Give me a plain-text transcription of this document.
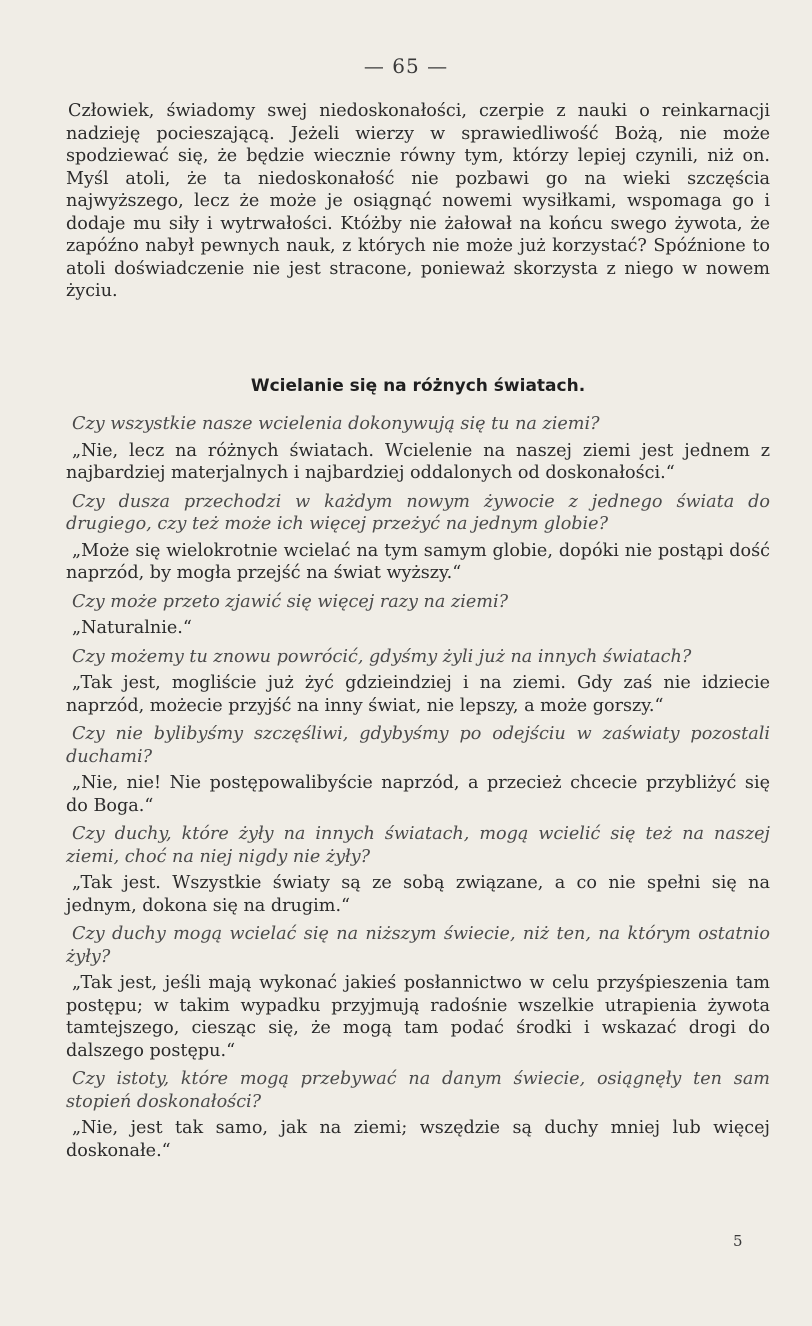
— 65 —

Człowiek, świadomy swej niedoskonałości, czerpie z nauki o reinkarnacji nadzieję pocieszającą. Jeżeli wierzy w sprawiedliwość Bożą, nie może spodziewać się, że będzie wiecznie równy tym, którzy lepiej czynili, niż on. Myśl atoli, że ta niedoskonałość nie pozbawi go na wieki szczęścia najwyższego, lecz że może je osiągnąć nowemi wysiłkami, wspomaga go i dodaje mu siły i wytrwałości. Któżby nie żałował na końcu swego żywota, że zapóźno nabył pewnych nauk, z których nie może już korzystać? Spóźnione to atoli doświadczenie nie jest stracone, ponieważ skorzysta z niego w nowem życiu.

Wcielanie się na różnych światach.

Czy wszystkie nasze wcielenia dokonywują się tu na ziemi?

„Nie, lecz na różnych światach. Wcielenie na naszej ziemi jest jednem z najbardziej materjalnych i najbardziej oddalonych od doskonałości.“

Czy dusza przechodzi w każdym nowym żywocie z jednego świata do drugiego, czy też może ich więcej przeżyć na jednym globie?

„Może się wielokrotnie wcielać na tym samym globie, dopóki nie postąpi dość naprzód, by mogła przejść na świat wyższy.“

Czy może przeto zjawić się więcej razy na ziemi?

„Naturalnie.“

Czy możemy tu znowu powrócić, gdyśmy żyli już na innych światach?

„Tak jest, mogliście już żyć gdzieindziej i na ziemi. Gdy zaś nie idziecie naprzód, możecie przyjść na inny świat, nie lepszy, a może gorszy.“

Czy nie bylibyśmy szczęśliwi, gdybyśmy po odejściu w zaświaty pozostali duchami?

„Nie, nie! Nie postępowalibyście naprzód, a przecież chcecie przybliżyć się do Boga.“

Czy duchy, które żyły na innych światach, mogą wcielić się też na naszej ziemi, choć na niej nigdy nie żyły?

„Tak jest. Wszystkie światy są ze sobą związane, a co nie spełni się na jednym, dokona się na drugim.“

Czy duchy mogą wcielać się na niższym świecie, niż ten, na którym ostatnio żyły?

„Tak jest, jeśli mają wykonać jakieś posłannictwo w celu przyśpieszenia tam postępu; w takim wypadku przyjmują radośnie wszelkie utrapienia żywota tamtejszego, ciesząc się, że mogą tam podać środki i wskazać drogi do dalszego postępu.“

Czy istoty, które mogą przebywać na danym świecie, osiągnęły ten sam stopień doskonałości?

„Nie, jest tak samo, jak na ziemi; wszędzie są duchy mniej lub więcej doskonałe.“

5
